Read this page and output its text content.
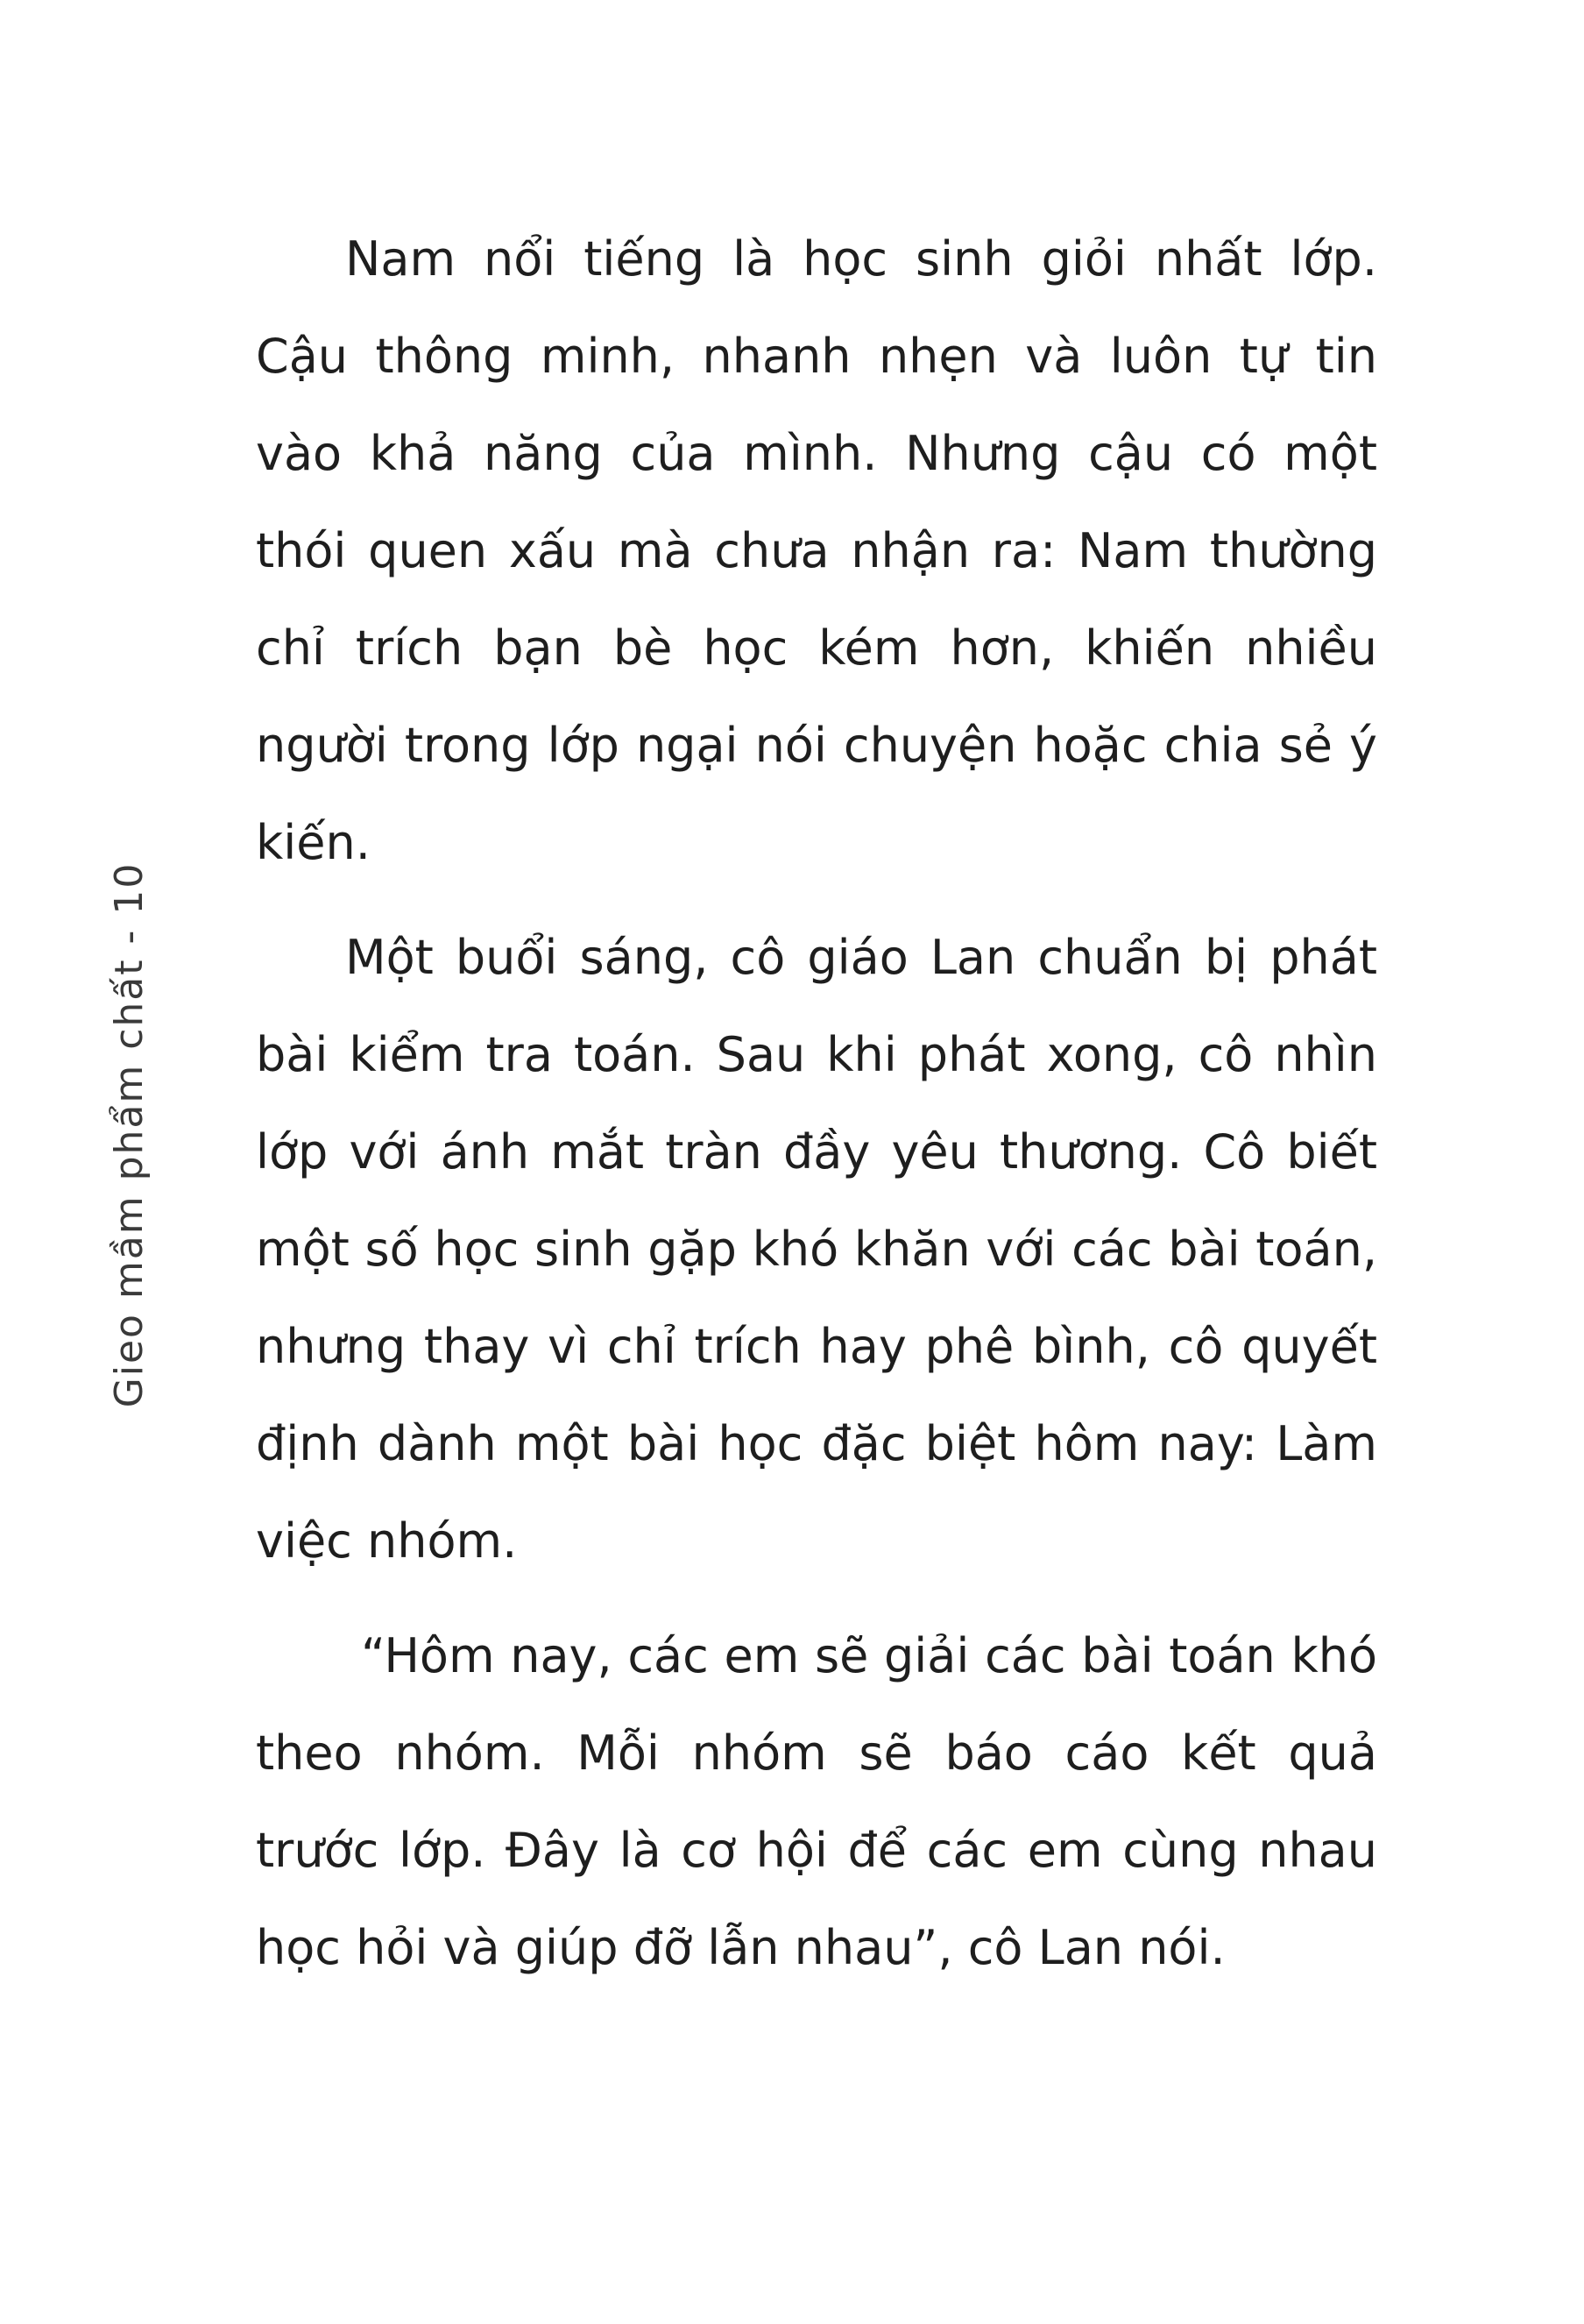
Gieo mầm phẩm chất - 10

Nam nổi tiếng là học sinh giỏi nhất lớp. Cậu thông minh, nhanh nhẹn và luôn tự tin vào khả năng của mình. Nhưng cậu có một thói quen xấu mà chưa nhận ra: Nam thường chỉ trích bạn bè học kém hơn, khiến nhiều người trong lớp ngại nói chuyện hoặc chia sẻ ý kiến.

Một buổi sáng, cô giáo Lan chuẩn bị phát bài kiểm tra toán. Sau khi phát xong, cô nhìn lớp với ánh mắt tràn đầy yêu thương. Cô biết một số học sinh gặp khó khăn với các bài toán, nhưng thay vì chỉ trích hay phê bình, cô quyết định dành một bài học đặc biệt hôm nay: Làm việc nhóm.

“Hôm nay, các em sẽ giải các bài toán khó theo nhóm. Mỗi nhóm sẽ báo cáo kết quả trước lớp. Đây là cơ hội để các em cùng nhau học hỏi và giúp đỡ lẫn nhau”, cô Lan nói.
